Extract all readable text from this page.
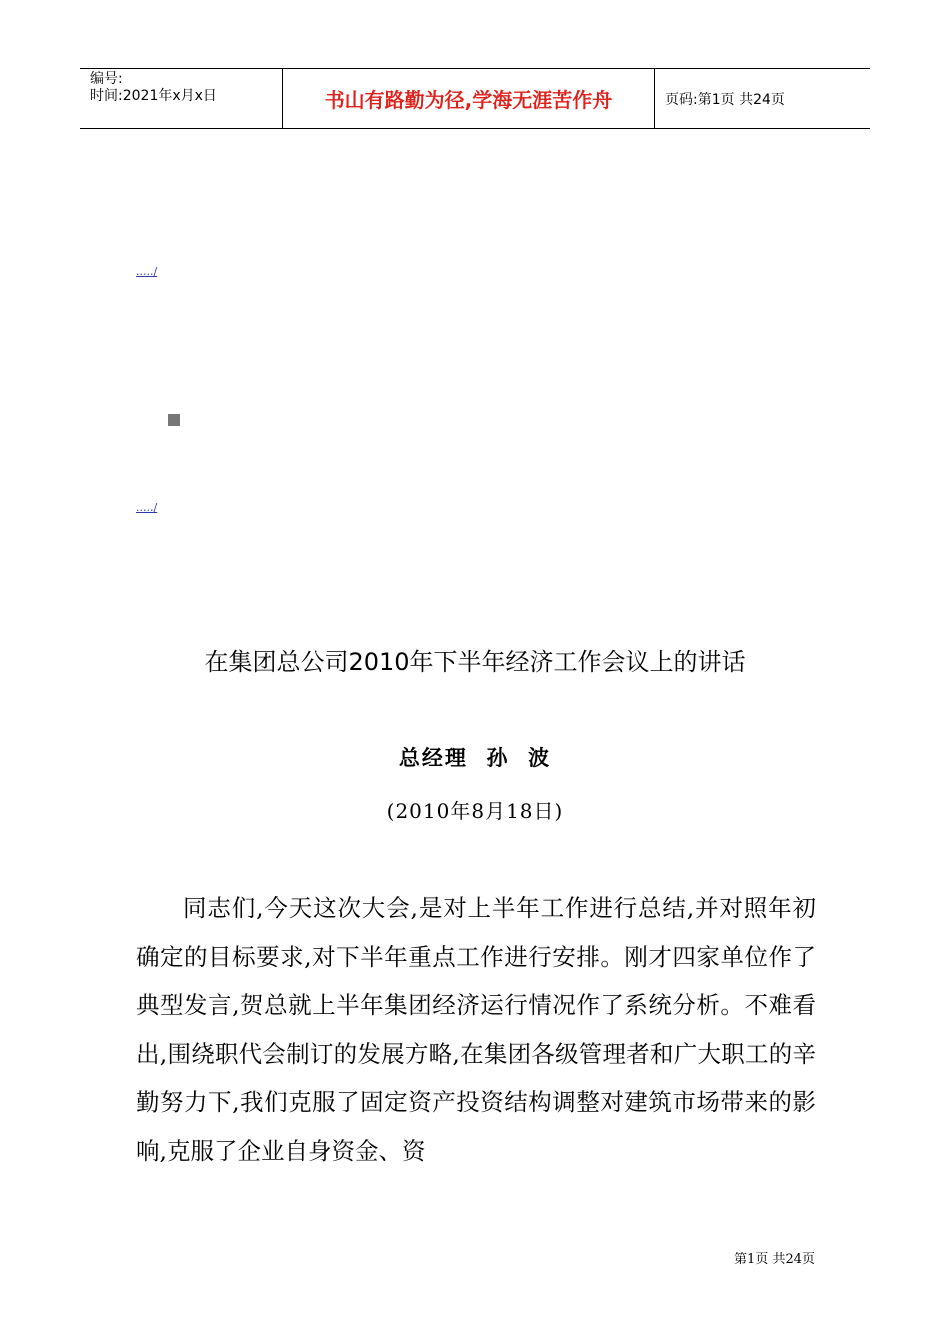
编号:
时间:2021年x月x日	书山有路勤为径,学海无涯苦作舟	页码:第1页 共24页
...../
...../
在集团总公司2010年下半年经济工作会议上的讲话
总经理  孙  波
(2010年8月18日)
同志们,今天这次大会,是对上半年工作进行总结,并对照年初确定的目标要求,对下半年重点工作进行安排。刚才四家单位作了典型发言,贺总就上半年集团经济运行情况作了系统分析。不难看出,围绕职代会制订的发展方略,在集团各级管理者和广大职工的辛勤努力下,我们克服了固定资产投资结构调整对建筑市场带来的影响,克服了企业自身资金、资
第1页 共24页
